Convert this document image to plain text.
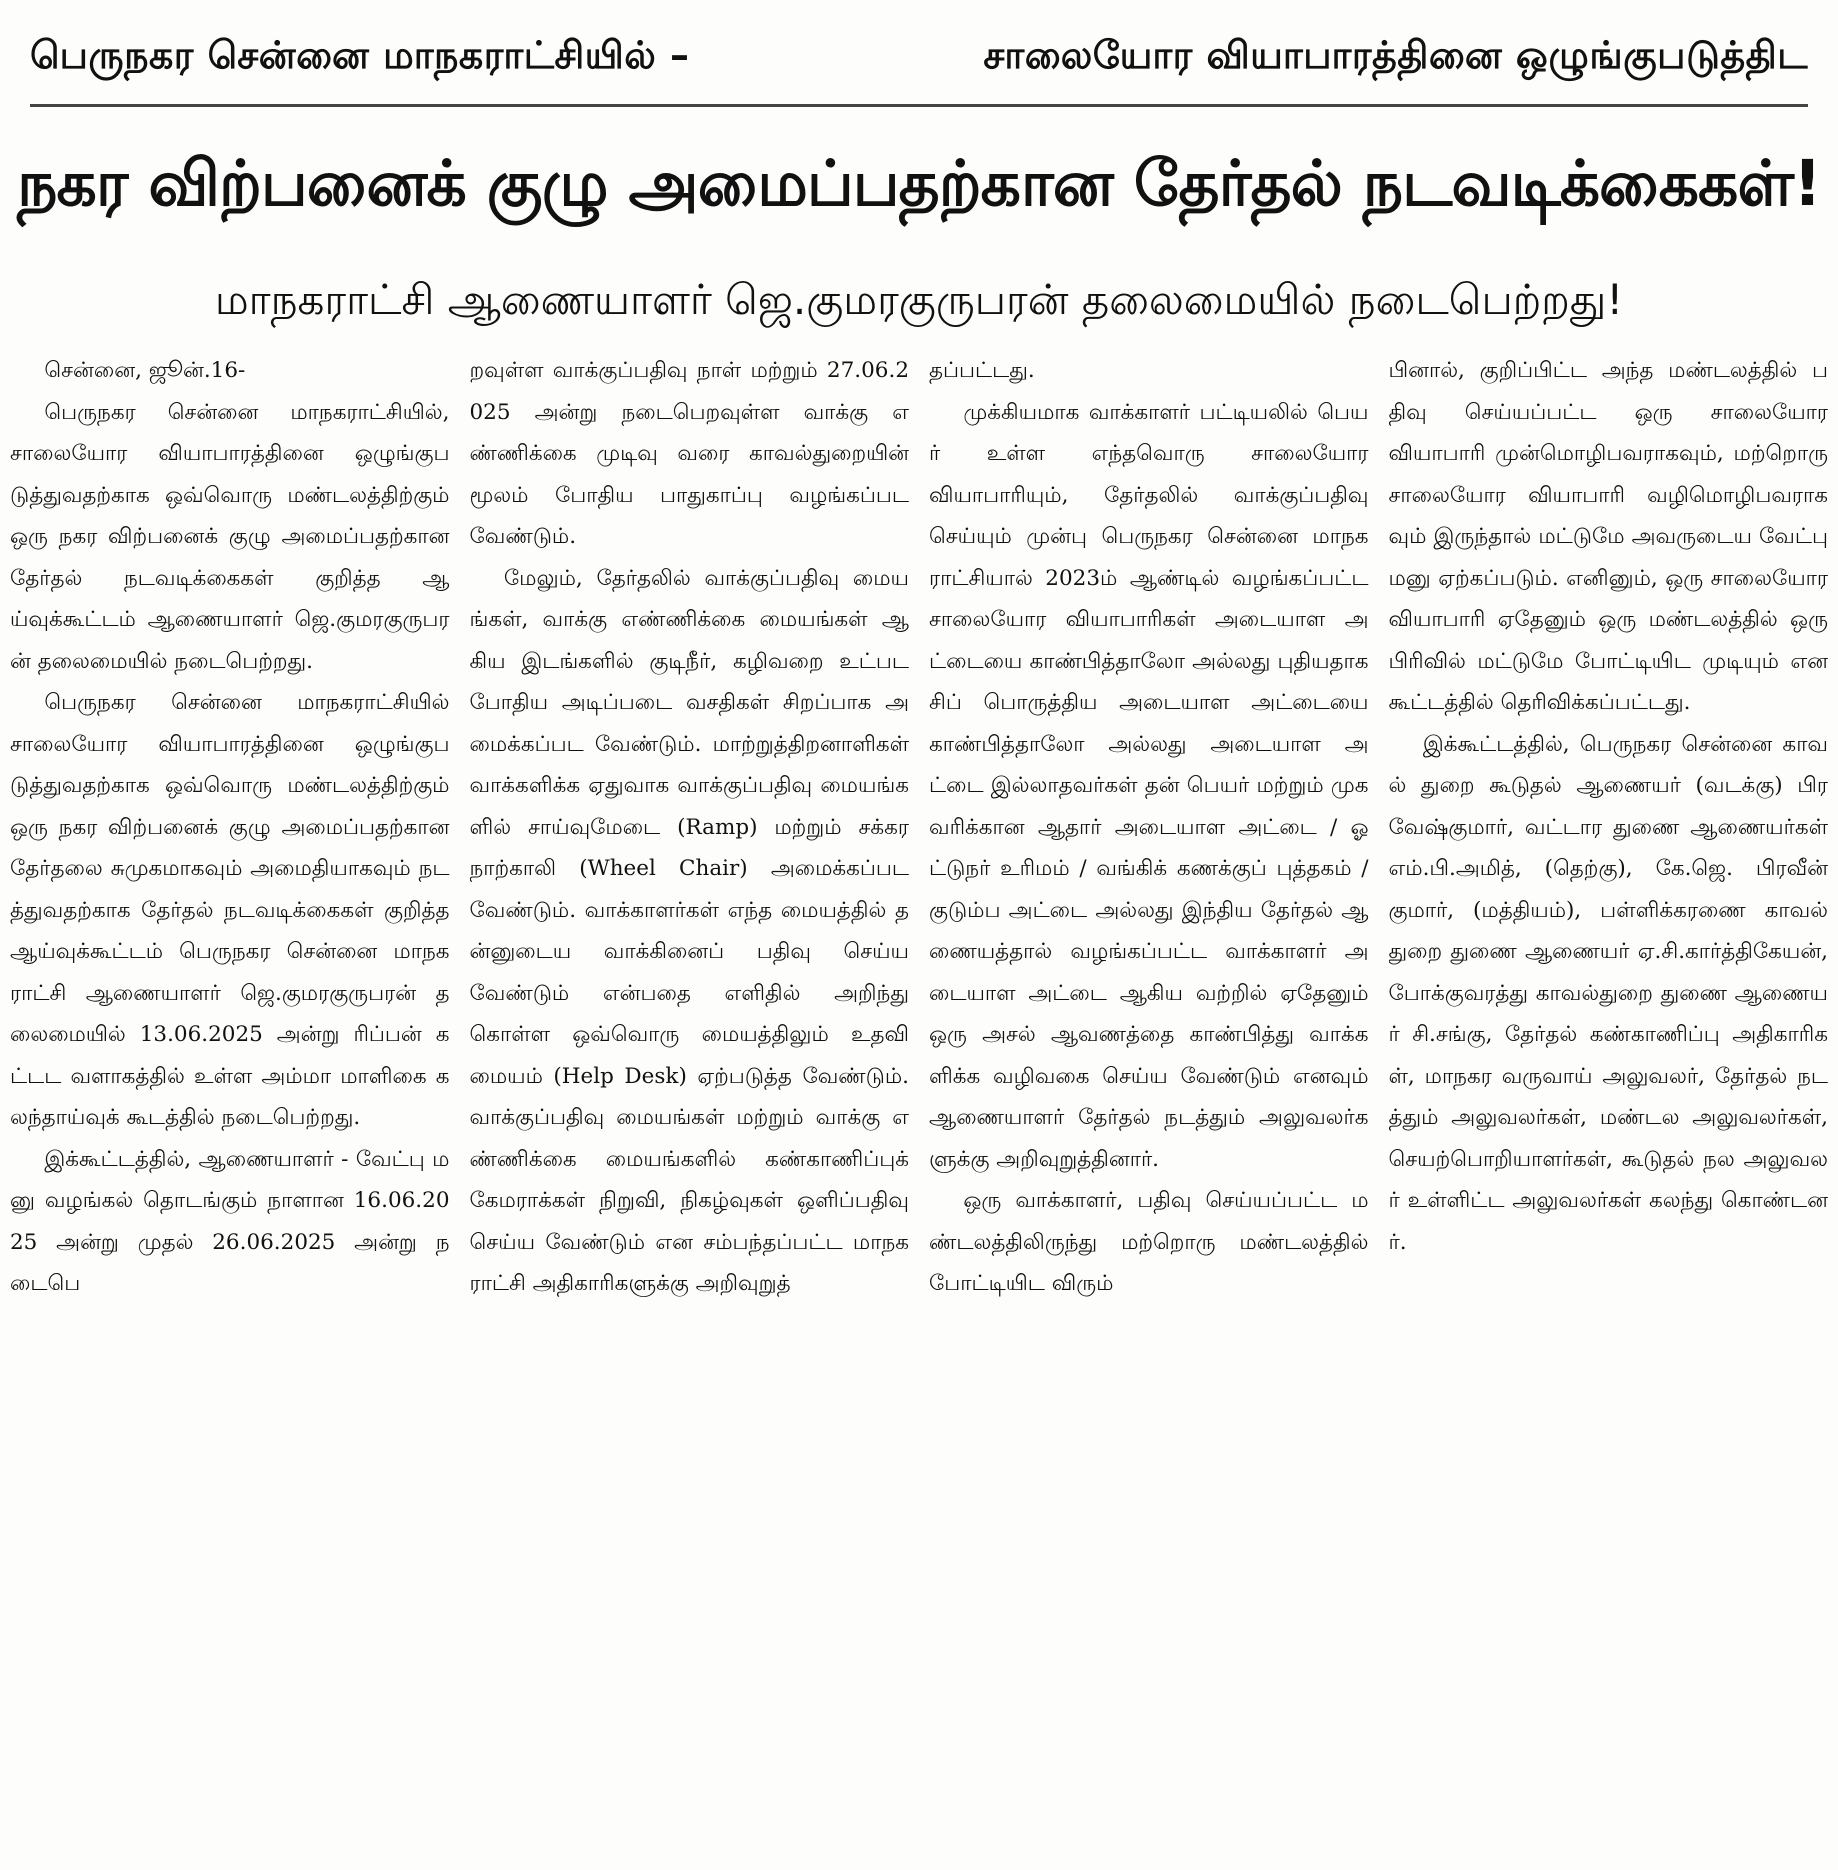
பெருநகர சென்னை மாநகராட்சியில் –	சாலையோர வியாபாரத்தினை ஒழுங்குபடுத்திட
நகர விற்பனைக் குழு அமைப்பதற்கான தேர்தல் நடவடிக்கைகள்!
மாநகராட்சி ஆணையாளர் ஜெ.குமரகுருபரன் தலைமையில் நடைபெற்றது!

சென்னை, ஜூன்.16-

பெருநகர சென்னை மாநகராட்சியில், சாலையோர வியாபாரத்தினை ஒழுங்குபடுத்துவதற்காக ஒவ்வொரு மண்டலத்திற்கும் ஒரு நகர விற்பனைக் குழு அமைப்பதற்கான தேர்தல் நடவடிக்கைகள் குறித்த ஆய்வுக்கூட்டம் ஆணையாளர் ஜெ.குமரகுருபரன் தலைமையில் நடைபெற்றது.

பெருநகர சென்னை மாநகராட்சியில் சாலையோர வியாபாரத்தினை ஒழுங்குபடுத்துவதற்காக ஒவ்வொரு மண்டலத்திற்கும் ஒரு நகர விற்பனைக் குழு அமைப்பதற்கான தேர்தலை சுமுகமாகவும் அமைதியாகவும் நடத்துவதற்காக தேர்தல் நடவடிக்கைகள் குறித்த ஆய்வுக்கூட்டம் பெருநகர சென்னை மாநகராட்சி ஆணையாளர் ஜெ.குமரகுருபரன் தலைமையில் 13.06.2025 அன்று ரிப்பன் கட்டட வளாகத்தில் உள்ள அம்மா மாளிகை கலந்தாய்வுக் கூடத்தில் நடைபெற்றது.

இக்கூட்டத்தில், ஆணையாளர் - வேட்பு மனு வழங்கல் தொடங்கும் நாளான 16.06.2025 அன்று முதல் 26.06.2025 அன்று நடைபெ

றவுள்ள வாக்குப்பதிவு நாள் மற்றும் 27.06.2025 அன்று நடைபெறவுள்ள வாக்கு எண்ணிக்கை முடிவு வரை காவல்துறையின் மூலம் போதிய பாதுகாப்பு வழங்கப்பட வேண்டும்.

மேலும், தேர்தலில் வாக்குப்பதிவு மையங்கள், வாக்கு எண்ணிக்கை மையங்கள் ஆகிய இடங்களில் குடிநீர், கழிவறை உட்பட போதிய அடிப்படை வசதிகள் சிறப்பாக அமைக்கப்பட வேண்டும். மாற்றுத்திறனாளிகள் வாக்களிக்க ஏதுவாக வாக்குப்பதிவு மையங்களில் சாய்வுமேடை (Ramp) மற்றும் சக்கர நாற்காலி (Wheel Chair) அமைக்கப்பட வேண்டும். வாக்காளர்கள் எந்த மையத்தில் தன்னுடைய வாக்கினைப் பதிவு செய்ய வேண்டும் என்பதை எளிதில் அறிந்து கொள்ள ஒவ்வொரு மையத்திலும் உதவி மையம் (Help Desk) ஏற்படுத்த வேண்டும். வாக்குப்பதிவு மையங்கள் மற்றும் வாக்கு எண்ணிக்கை மையங்களில் கண்காணிப்புக் கேமராக்கள் நிறுவி, நிகழ்வுகள் ஒளிப்பதிவு செய்ய வேண்டும் என சம்பந்தப்பட்ட மாநகராட்சி அதிகாரிகளுக்கு அறிவுறுத்

தப்பட்டது.

முக்கியமாக வாக்காளர் பட்டியலில் பெயர் உள்ள எந்தவொரு சாலையோர வியாபாரியும், தேர்தலில் வாக்குப்பதிவு செய்யும் முன்பு பெருநகர சென்னை மாநகராட்சியால் 2023ம் ஆண்டில் வழங்கப்பட்ட சாலையோர வியாபாரிகள் அடையாள அட்டையை காண்பித்தாலோ அல்லது புதியதாக சிப் பொருத்திய அடையாள அட்டையை காண்பித்தாலோ அல்லது அடையாள அட்டை இல்லாதவர்கள் தன் பெயர் மற்றும் முகவரிக்கான ஆதார் அடையாள அட்டை / ஓட்டுநர் உரிமம் / வங்கிக் கணக்குப் புத்தகம் / குடும்ப அட்டை அல்லது இந்திய தேர்தல் ஆணையத்தால் வழங்கப்பட்ட வாக்காளர் அடையாள அட்டை ஆகிய வற்றில் ஏதேனும் ஒரு அசல் ஆவணத்தை காண்பித்து வாக்களிக்க வழிவகை செய்ய வேண்டும் எனவும் ஆணையாளர் தேர்தல் நடத்தும் அலுவலர்களுக்கு அறிவுறுத்தினார்.

ஒரு வாக்காளர், பதிவு செய்யப்பட்ட மண்டலத்திலிருந்து மற்றொரு மண்டலத்தில் போட்டியிட விரும்

பினால், குறிப்பிட்ட அந்த மண்டலத்தில் பதிவு செய்யப்பட்ட ஒரு சாலையோர வியாபாரி முன்மொழிபவராகவும், மற்றொரு சாலையோர வியாபாரி வழிமொழிபவராகவும் இருந்தால் மட்டுமே அவருடைய வேட்பு மனு ஏற்கப்படும். எனினும், ஒரு சாலையோர வியாபாரி ஏதேனும் ஒரு மண்டலத்தில் ஒரு பிரிவில் மட்டுமே போட்டியிட முடியும் என கூட்டத்தில் தெரிவிக்கப்பட்டது.

இக்கூட்டத்தில், பெருநகர சென்னை காவல் துறை கூடுதல் ஆணையர் (வடக்கு) பிரவேஷ்குமார், வட்டார துணை ஆணையர்கள் எம்.பி.அமித், (தெற்கு), கே.ஜெ. பிரவீன் குமார், (மத்தியம்), பள்ளிக்கரணை காவல் துறை துணை ஆணையர் ஏ.சி.கார்த்திகேயன், போக்குவரத்து காவல்துறை துணை ஆணையர் சி.சங்கு, தேர்தல் கண்காணிப்பு அதிகாரிகள், மாநகர வருவாய் அலுவலர், தேர்தல் நடத்தும் அலுவலர்கள், மண்டல அலுவலர்கள், செயற்பொறியாளர்கள், கூடுதல் நல அலுவலர் உள்ளிட்ட அலுவலர்கள் கலந்து கொண்டனர்.
